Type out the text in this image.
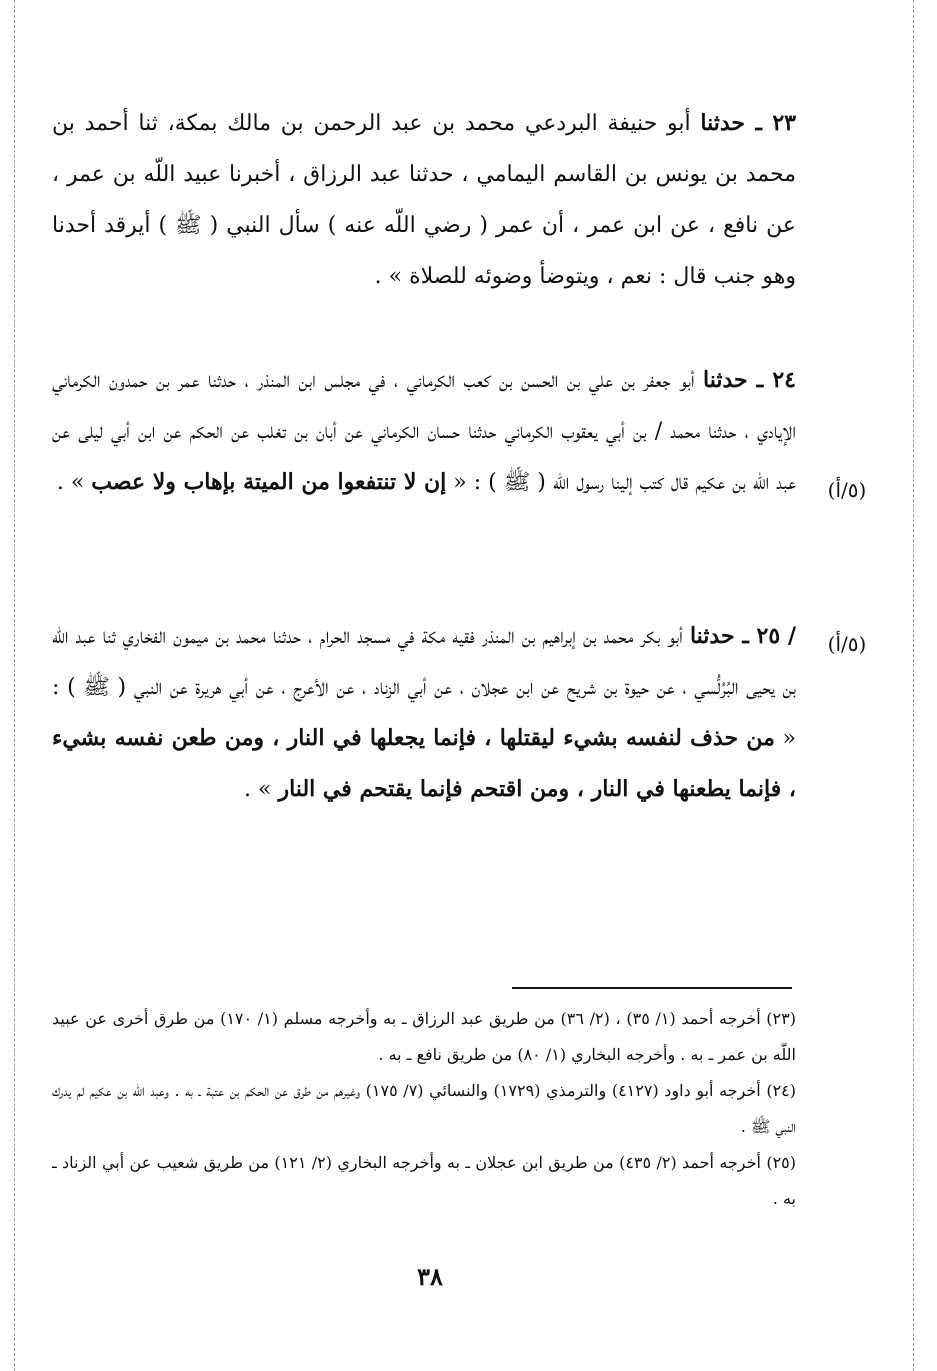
٢٣ ـ حدثنا أبو حنيفة البردعي محمد بن عبد الرحمن بن مالك بمكة، ثنا أحمد بن محمد بن يونس بن القاسم اليمامي ، حدثنا عبد الرزاق ، أخبرنا عبيد اللّه بن عمر ، عن نافع ، عن ابن عمر ، أن عمر ( رضي اللّه عنه ) سأل النبي ( ﷺ ) أيرقد أحدنا وهو جنب قال : نعم ، ويتوضأ وضوئه للصلاة » .
٢٤ ـ حدثنا أبو جعفر بن علي بن الحسن بن كعب الكرماني ، في مجلس ابن المنذر ، حدثنا عمر بن حمدون الكرماني الإيادي ، حدثنا محمد / بن أبي يعقوب الكرماني حدثنا حسان الكرماني عن أبان بن تغلب عن الحكم عن ابن أبي ليلى عن عبد اللّه بن عكيم قال كتب إلينا رسول اللّه ( ﷺ ) : « إن لا تنتفعوا من الميتة بإهاب ولا عصب » .
/ ٢٥ ـ حدثنا أبو بكر محمد بن إبراهيم بن المنذر فقيه مكة في مسجد الحرام ، حدثنا محمد بن ميمون الفخاري ثنا عبد اللّه بن يحيى البُرُلُّسي ، عن حيوة بن شريح عن ابن عجلان ، عن أبي الزناد ، عن الأعرج ، عن أبي هريرة عن النبي ( ﷺ ) : « من حذف لنفسه بشيء ليقتلها ، فإنما يجعلها في النار ، ومن طعن نفسه بشيء ، فإنما يطعنها في النار ، ومن اقتحم فإنما يقتحم في النار » .
(٥/أ)
(٥/أ)

(٢٣) أخرجه أحمد (١/ ٣٥) ، (٢/ ٣٦) من طريق عبد الرزاق ـ به وأخرجه مسلم (١/ ١٧٠) من طرق أخرى عن عبيد اللّه بن عمر ـ به . وأخرجه البخاري (١/ ٨٠) من طريق نافع ـ به .

(٢٤) أخرجه أبو داود (٤١٢٧) والترمذي (١٧٢٩) والنسائي (٧/ ١٧٥) وغيرهم من طرق عن الحكم بن عتبة ـ به . وعبد اللّه بن عكيم لم يدرك النبي ﷺ .

(٢٥) أخرجه أحمد (٢/ ٤٣٥) من طريق ابن عجلان ـ به وأخرجه البخاري (٢/ ١٢١) من طريق شعيب عن أبي الزناد ـ به .

٣٨
